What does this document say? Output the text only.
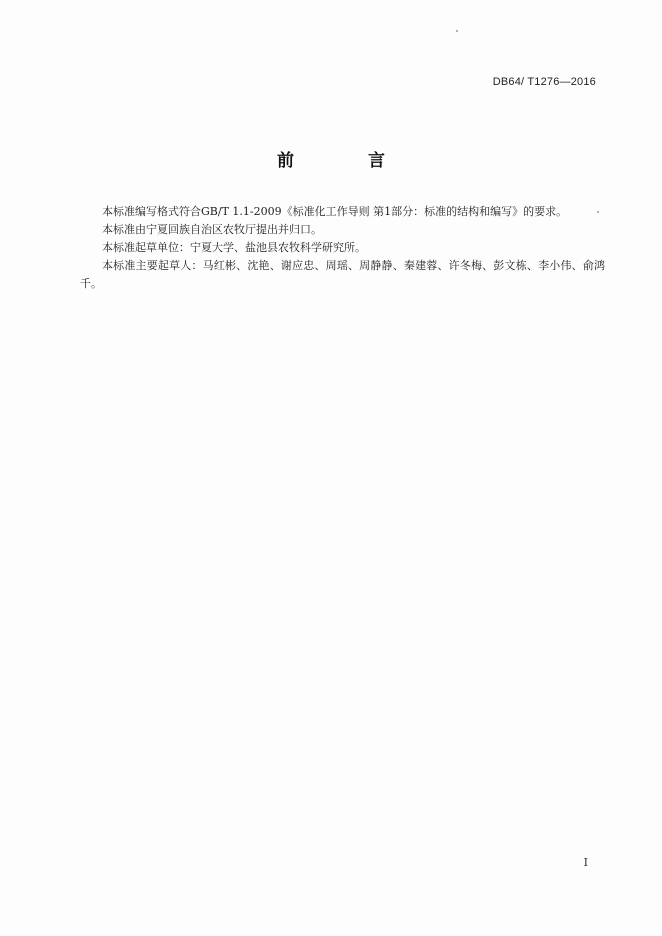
DB64/ T1276—2016
前 言

本标准编写格式符合GB/T 1.1-2009《标准化工作导则 第1部分：标准的结构和编写》的要求。

本标准由宁夏回族自治区农牧厅提出并归口。

本标准起草单位：宁夏大学、盐池县农牧科学研究所。

本标准主要起草人：马红彬、沈艳、谢应忠、周瑶、周静静、秦建蓉、许冬梅、彭文栋、李小伟、俞鸿千。

I
